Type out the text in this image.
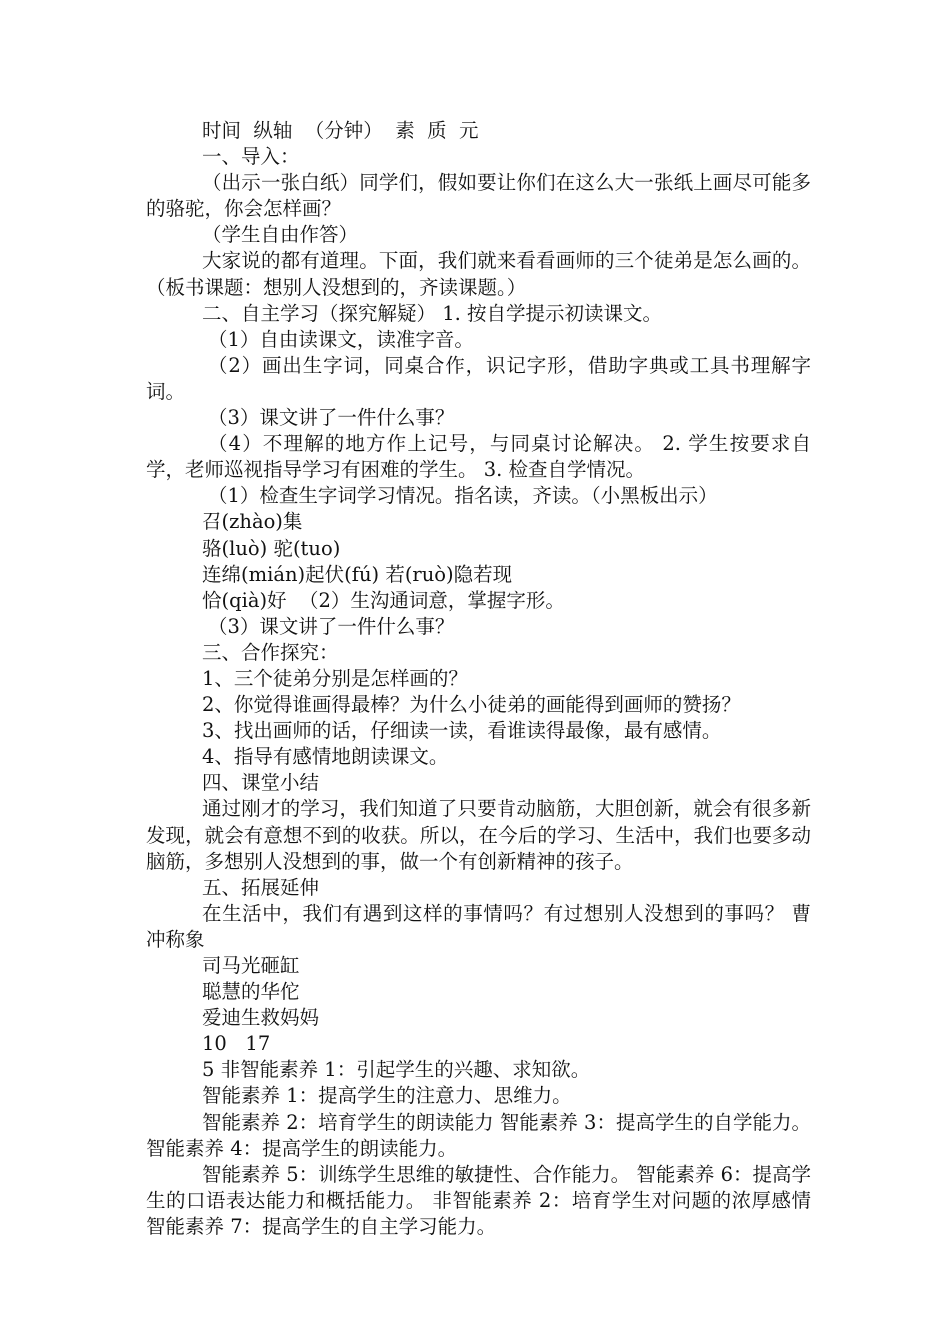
时间  纵轴  （分钟）  素  质  元
一、导入：

（出示一张白纸）同学们，假如要让你们在这么大一张纸上画尽可能多的骆驼，你会怎样画？

（学生自由作答）

大家说的都有道理。下面，我们就来看看画师的三个徒弟是怎么画的。（板书课题：想别人没想到的，齐读课题。）

二、自主学习（探究解疑） 1. 按自学提示初读课文。
（1）自由读课文，读准字音。

（2）画出生字词，同桌合作，识记字形，借助字典或工具书理解字词。

（3）课文讲了一件什么事？

（4）不理解的地方作上记号，与同桌讨论解决。 2. 学生按要求自学，老师巡视指导学习有困难的学生。 3. 检查自学情况。

（1）检查生字词学习情况。指名读，齐读。（小黑板出示）
召(zhào)集
骆(luò) 驼(tuo)
连绵(mián)起伏(fú) 若(ruò)隐若现
恰(qià)好  （2）生沟通词意，掌握字形。
（3）课文讲了一件什么事？
三、合作探究：
1、三个徒弟分别是怎样画的？
2、你觉得谁画得最棒？为什么小徒弟的画能得到画师的赞扬？
3、找出画师的话，仔细读一读，看谁读得最像，最有感情。
4、指导有感情地朗读课文。
四、课堂小结

通过刚才的学习，我们知道了只要肯动脑筋，大胆创新，就会有很多新发现，就会有意想不到的收获。所以，在今后的学习、生活中，我们也要多动脑筋，多想别人没想到的事，做一个有创新精神的孩子。

五、拓展延伸

在生活中，我们有遇到这样的事情吗？有过想别人没想到的事吗？ 曹冲称象

司马光砸缸
聪慧的华佗
爱迪生救妈妈
10   17
5 非智能素养 1：引起学生的兴趣、求知欲。
智能素养 1：提高学生的注意力、思维力。

智能素养 2：培育学生的朗读能力 智能素养 3：提高学生的自学能力。 智能素养 4：提高学生的朗读能力。

智能素养 5：训练学生思维的敏捷性、合作能力。 智能素养 6：提高学生的口语表达能力和概括能力。 非智能素养 2：培育学生对问题的浓厚感情 智能素养 7：提高学生的自主学习能力。
